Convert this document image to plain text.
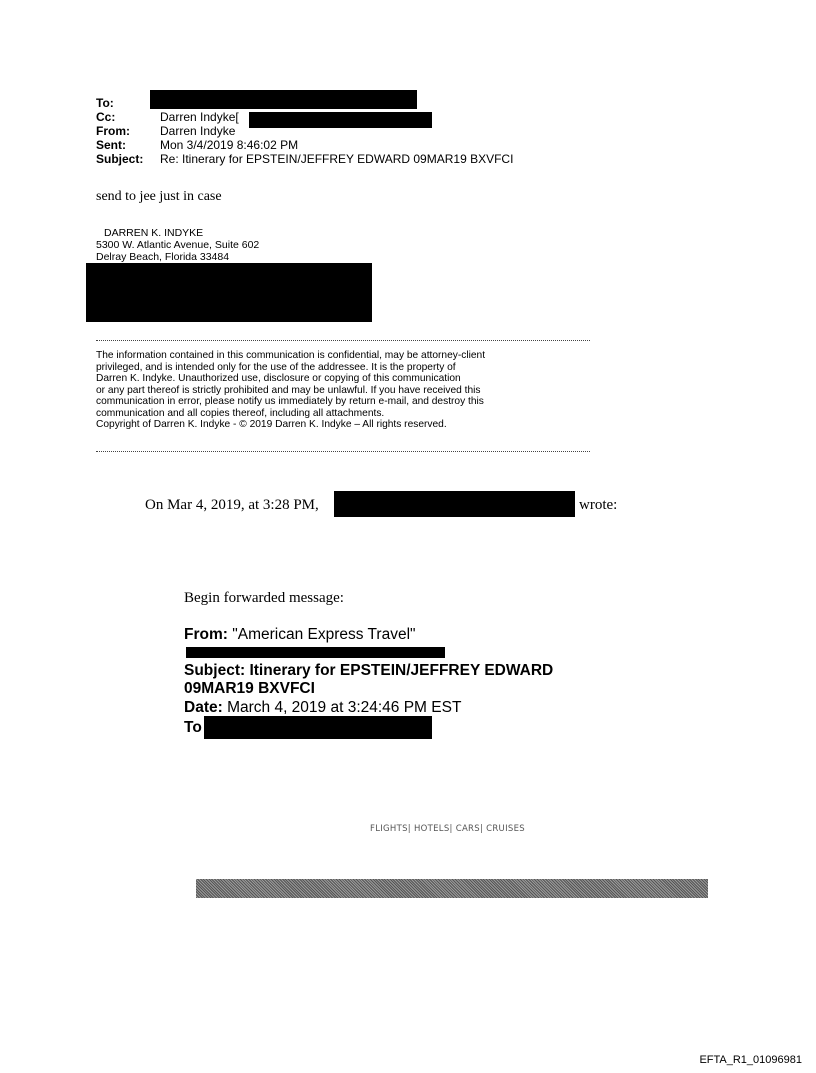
To:
Cc:	Darren Indyke[
From:	Darren Indyke
Sent:	Mon 3/4/2019 8:46:02 PM
Subject: Re: Itinerary for EPSTEIN/JEFFREY EDWARD 09MAR19 BXVFCI
send to jee just in case
DARREN K. INDYKE
5300 W. Atlantic Avenue, Suite 602
Delray Beach, Florida 33484
The information contained in this communication is confidential, may be attorney-client
privileged, and is intended only for the use of the addressee. It is the property of
Darren K. Indyke. Unauthorized use, disclosure or copying of this communication
or any part thereof is strictly prohibited and may be unlawful. If you have received this
communication in error, please notify us immediately by return e-mail, and destroy this
communication and all copies thereof, including all attachments.
Copyright of Darren K. Indyke - © 2019 Darren K. Indyke – All rights reserved.
On Mar 4, 2019, at 3:28 PM,	wrote:
Begin forwarded message:
From: "American Express Travel"
Subject: Itinerary for EPSTEIN/JEFFREY EDWARD
09MAR19 BXVFCI
Date: March 4, 2019 at 3:24:46 PM EST
To
FLIGHTS| HOTELS| CARS| CRUISES
EFTA_R1_01096981
